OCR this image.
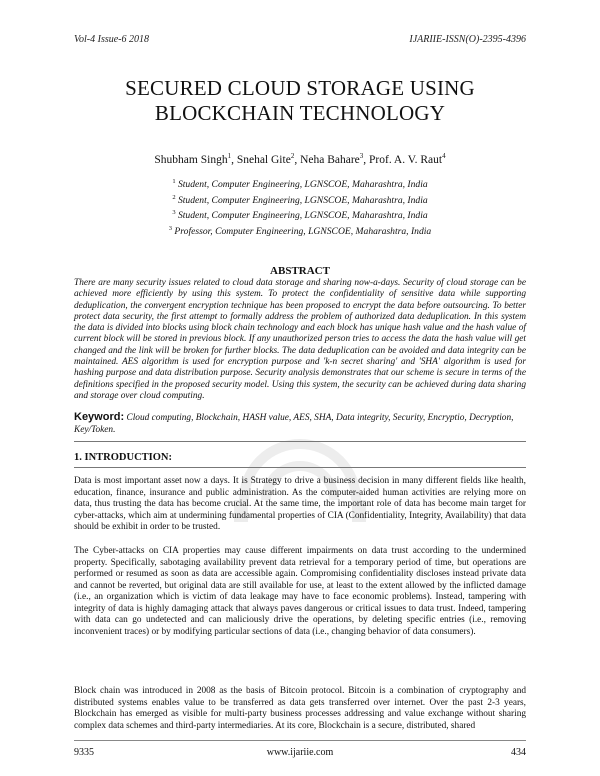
Vol-4 Issue-6 2018	IJARIIE-ISSN(O)-2395-4396
SECURED CLOUD STORAGE USING
BLOCKCHAIN TECHNOLOGY
Shubham Singh$^1$, Snehal Gite$^2$, Neha Bahare$^3$, Prof. A. V. Raut$^4$
$^1$ Student, Computer Engineering, LGNSCOE, Maharashtra, India
$^2$ Student, Computer Engineering, LGNSCOE, Maharashtra, India
$^3$ Student, Computer Engineering, LGNSCOE, Maharashtra, India
$^3$ Professor, Computer Engineering, LGNSCOE, Maharashtra, India
ABSTRACT

There are many security issues related to cloud data storage and sharing now-a-days. Security of cloud storage can be achieved more efficiently by using this system. To protect the confidentiality of sensitive data while supporting deduplication, the convergent encryption technique has been proposed to encrypt the data before outsourcing. To better protect data security, the first attempt to formally address the problem of authorized data deduplication. In this system the data is divided into blocks using block chain technology and each block has unique hash value and the hash value of current block will be stored in previous block. If any unauthorized person tries to access the data the hash value will get changed and the link will be broken for further blocks. The data deduplication can be avoided and data integrity can be maintained. AES algorithm is used for encryption purpose and 'k-n secret sharing' and 'SHA' algorithm is used for hashing purpose and data distribution purpose. Security analysis demonstrates that our scheme is secure in terms of the definitions specified in the proposed security model. Using this system, the security can be achieved during data sharing and storage over cloud computing.

Keyword: Cloud computing, Blockchain, HASH value, AES, SHA, Data integrity, Security, Encryptio, Decryption, Key/Token.

1. INTRODUCTION:

Data is most important asset now a days. It is Strategy to drive a business decision in many different fields like health, education, finance, insurance and public administration. As the computer-aided human activities are relying more on data, thus trusting the data has become crucial. At the same time, the important role of data has become main target for cyber-attacks, which aim at undermining fundamental properties of CIA (Confidentiality, Integrity, Availability) that data should be exhibit in order to be trusted.

The Cyber-attacks on CIA properties may cause different impairments on data trust according to the undermined property. Specifically, sabotaging availability prevent data retrieval for a temporary period of time, but operations are performed or resumed as soon as data are accessible again. Compromising confidentiality discloses instead private data and cannot be reverted, but original data are still available for use, at least to the extent allowed by the inflicted damage (i.e., an organization which is victim of data leakage may have to face economic problems). Instead, tampering with integrity of data is highly damaging attack that always paves dangerous or critical issues to data trust. Indeed, tampering with data can go undetected and can maliciously drive the operations, by deleting specific entries (i.e., removing inconvenient traces) or by modifying particular sections of data (i.e., changing behavior of data consumers).

Block chain was introduced in 2008 as the basis of Bitcoin protocol. Bitcoin is a combination of cryptography and distributed systems enables value to be transferred as data gets transferred over internet. Over the past 2-3 years, Blockchain has emerged as visible for multi-party business processes addressing and value exchange without sharing complex data schemes and third-party intermediaries. At its core, Blockchain is a secure, distributed, shared

9335	www.ijariie.com	434
